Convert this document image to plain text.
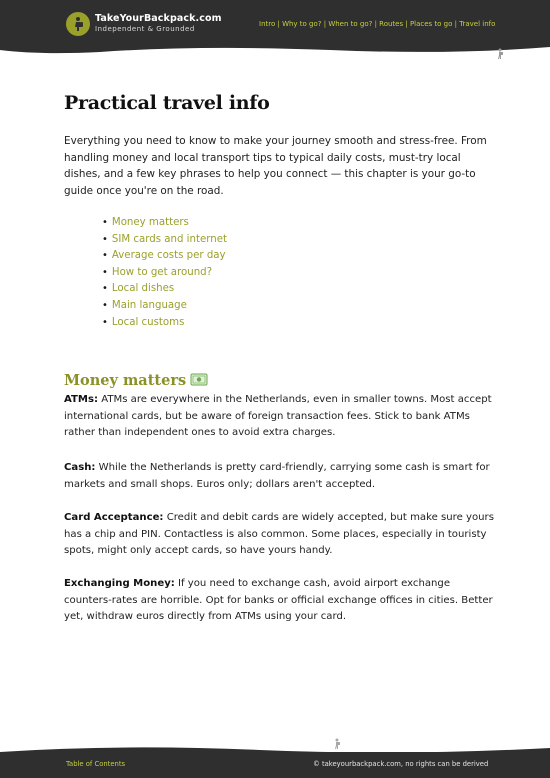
TakeYourBackpack.com
Independent & Grounded
Intro | Why to go? | When to go? | Routes | Places to go | Travel info
Practical travel info

Everything you need to know to make your journey smooth and stress-free. From handling money and local transport tips to typical daily costs, must-try local dishes, and a few key phrases to help you connect — this chapter is your go-to guide once you're on the road.

• Money matters
• SIM cards and internet
• Average costs per day
• How to get around?
• Local dishes
• Main language
• Local customs
Money matters

ATMs: ATMs are everywhere in the Netherlands, even in smaller towns. Most accept international cards, but be aware of foreign transaction fees. Stick to bank ATMs rather than independent ones to avoid extra charges.

Cash: While the Netherlands is pretty card-friendly, carrying some cash is smart for markets and small shops. Euros only; dollars aren't accepted.

Card Acceptance: Credit and debit cards are widely accepted, but make sure yours has a chip and PIN. Contactless is also common. Some places, especially in touristy spots, might only accept cards, so have yours handy.

Exchanging Money: If you need to exchange cash, avoid airport exchange counters-rates are horrible. Opt for banks or official exchange offices in cities. Better yet, withdraw euros directly from ATMs using your card.

Table of Contents	© takeyourbackpack.com, no rights can be derived
